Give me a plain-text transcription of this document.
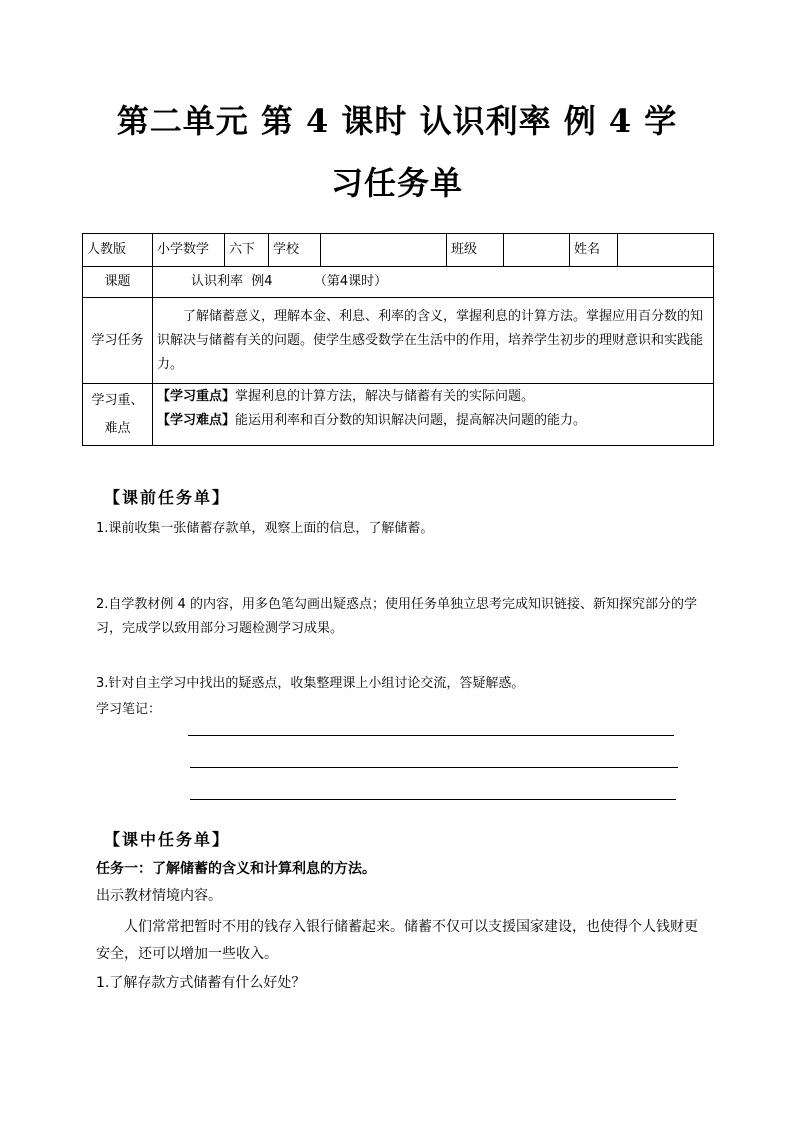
第二单元 第 4 课时 认识利率 例 4 学
习任务单
人教版	小学数学	六下	学校		班级		姓名	
课题	认识利率  例4          （第4课时）							
学习任务	了解储蓄意义，理解本金、利息、利率的含义，掌握利息的计算方法。掌握应用百分数的知识解决与储蓄有关的问题。使学生感受数学在生活中的作用，培养学生初步的理财意识和实践能力。							
学习重、难点	【学习重点】掌握利息的计算方法，解决与储蓄有关的实际问题。
【学习难点】能运用利率和百分数的知识解决问题，提高解决问题的能力。							
【课前任务单】
1.课前收集一张储蓄存款单，观察上面的信息，了解储蓄。
2.自学教材例 4 的内容，用多色笔勾画出疑惑点；使用任务单独立思考完成知识链接、新知探究部分的学习，完成学以致用部分习题检测学习成果。
3.针对自主学习中找出的疑惑点，收集整理课上小组讨论交流，答疑解惑。
学习笔记：
【课中任务单】
任务一：了解储蓄的含义和计算利息的方法。
出示教材情境内容。
人们常常把暂时不用的钱存入银行储蓄起来。储蓄不仅可以支援国家建设，也使得个人钱财更安全，还可以增加一些收入。
1.了解存款方式储蓄有什么好处？
